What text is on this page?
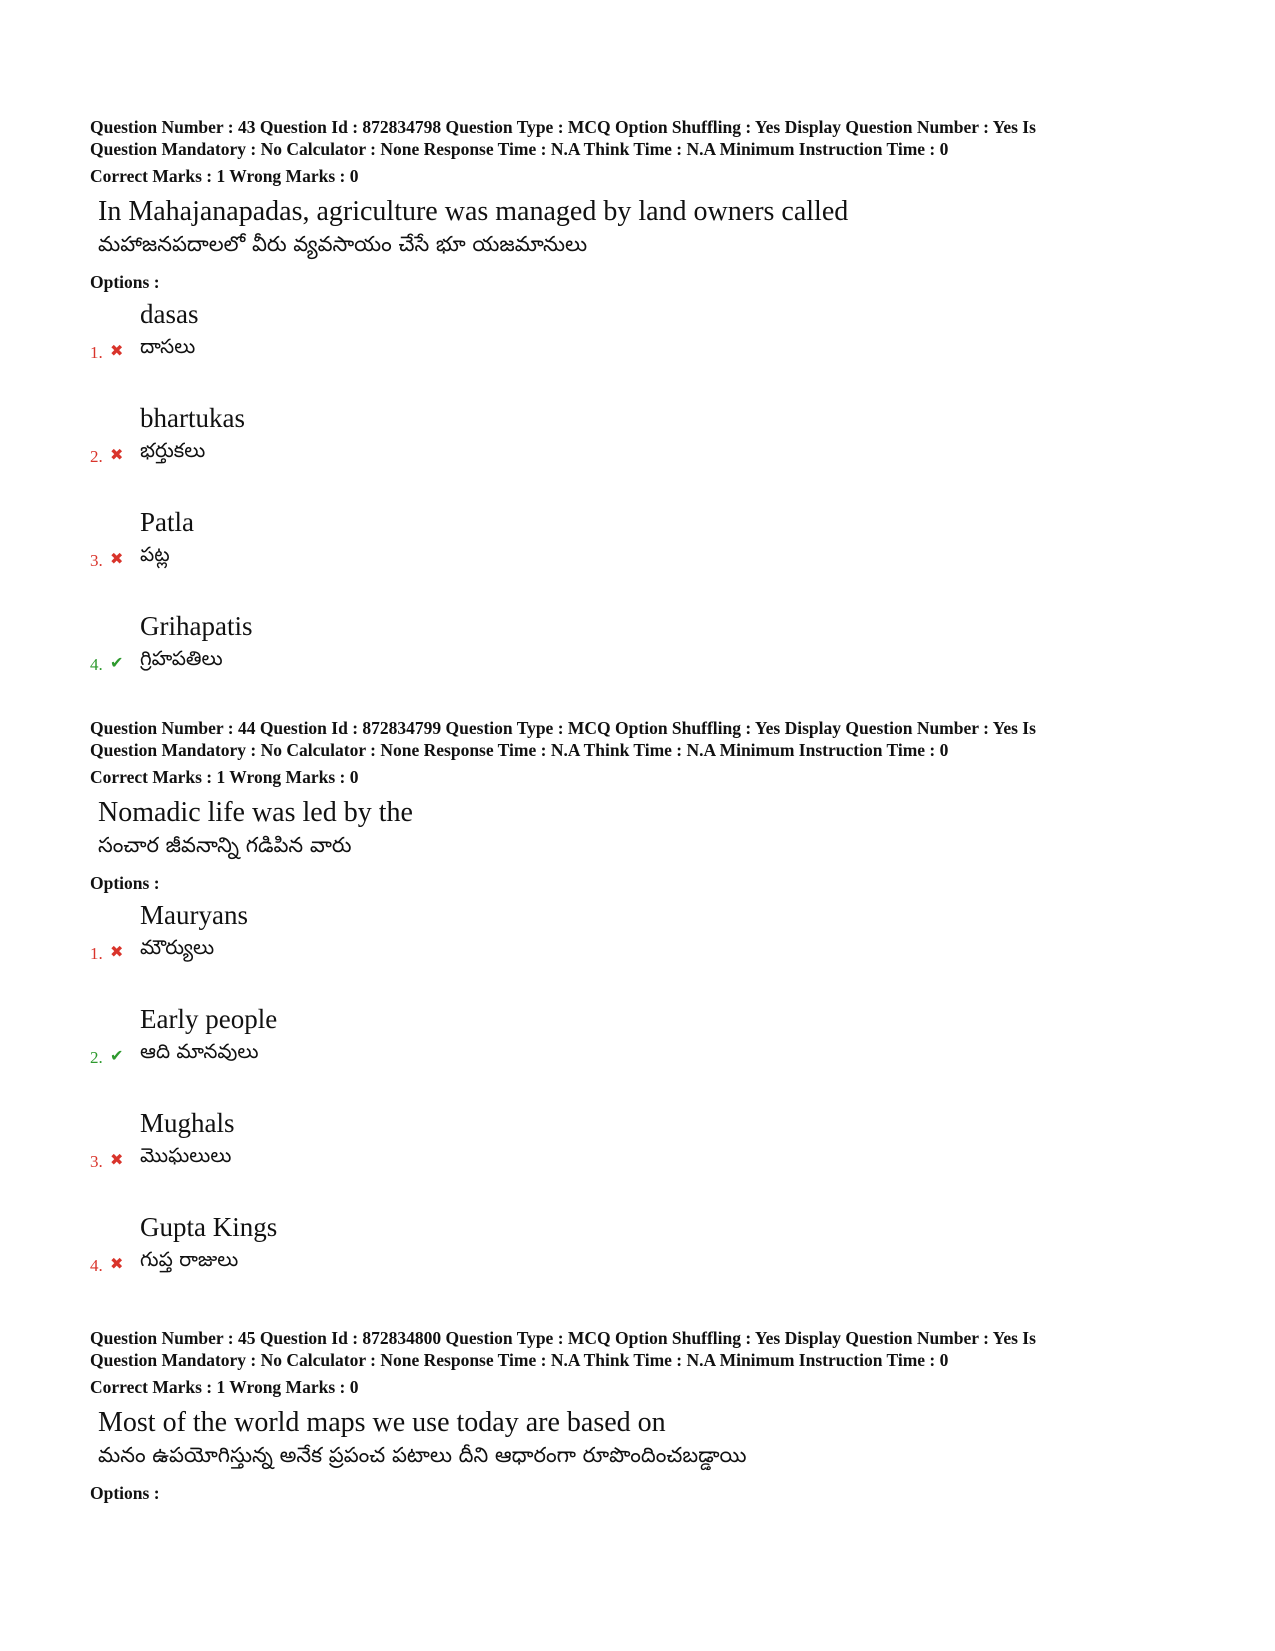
Question Number : 43 Question Id : 872834798 Question Type : MCQ Option Shuffling : Yes Display Question Number : Yes Is

Question Mandatory : No Calculator : None Response Time : N.A Think Time : N.A Minimum Instruction Time : 0

Correct Marks : 1 Wrong Marks : 0
In Mahajanapadas, agriculture was managed by land owners called
మహాజనపదాలలో వీరు వ్యవసాయం చేసే భూ యజమానులు
Options :
dasas
దాసలు
1. ✖
bhartukas
భర్తుకలు
2. ✖
Patla
పట్ల
3. ✖
Grihapatis
గ్రిహపతిలు
4. ✔

Question Number : 44 Question Id : 872834799 Question Type : MCQ Option Shuffling : Yes Display Question Number : Yes Is

Question Mandatory : No Calculator : None Response Time : N.A Think Time : N.A Minimum Instruction Time : 0

Correct Marks : 1 Wrong Marks : 0
Nomadic life was led by the
సంచార జీవనాన్ని గడిపిన వారు
Options :
Mauryans
మౌర్యులు
1. ✖
Early people
ఆది మానవులు
2. ✔
Mughals
మొఘలులు
3. ✖
Gupta Kings
గుప్త రాజులు
4. ✖

Question Number : 45 Question Id : 872834800 Question Type : MCQ Option Shuffling : Yes Display Question Number : Yes Is

Question Mandatory : No Calculator : None Response Time : N.A Think Time : N.A Minimum Instruction Time : 0

Correct Marks : 1 Wrong Marks : 0
Most of the world maps we use today are based on
మనం ఉపయోగిస్తున్న అనేక ప్రపంచ పటాలు దీని ఆధారంగా రూపొందించబడ్డాయి
Options :
